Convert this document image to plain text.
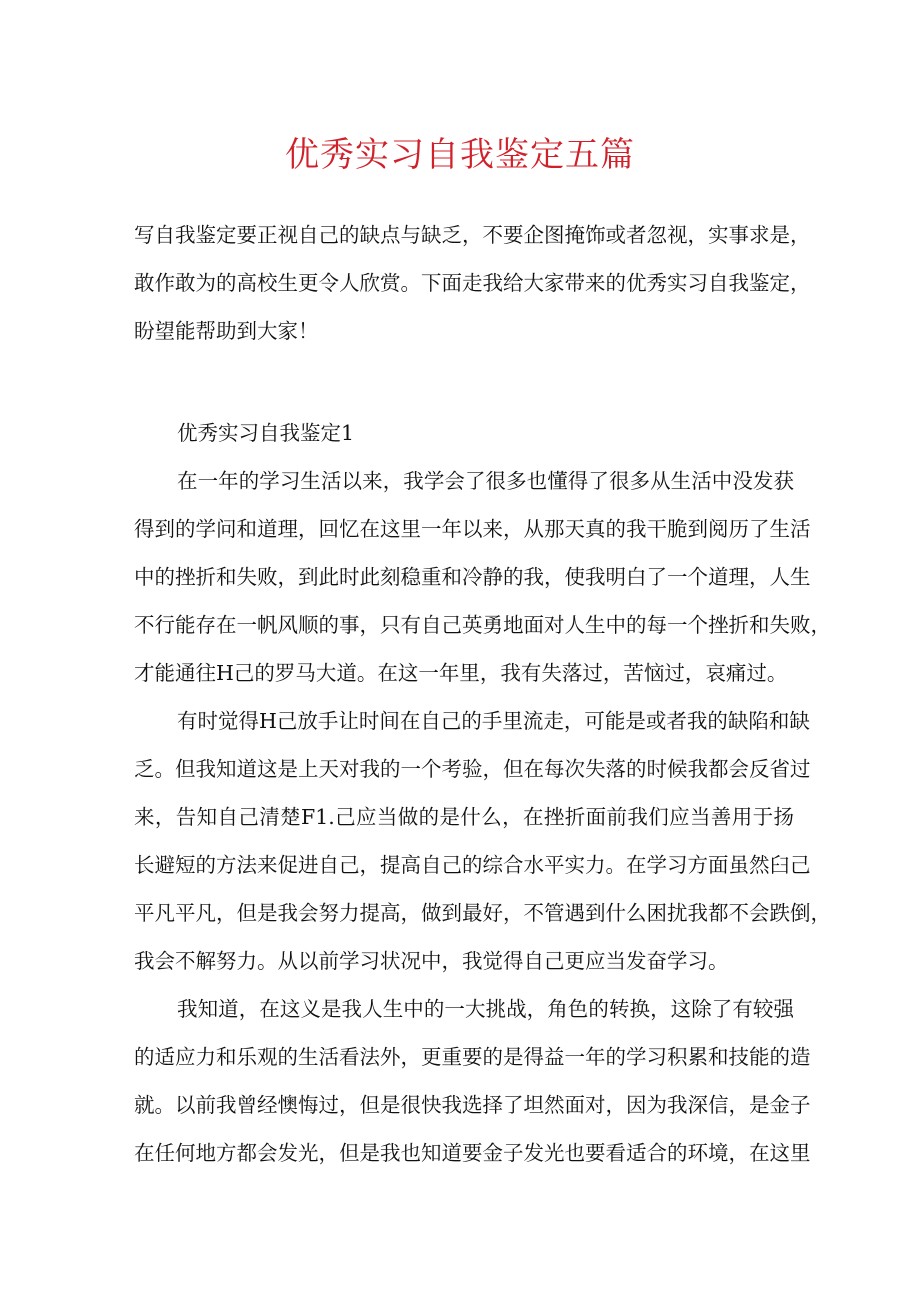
优秀实习自我鉴定五篇

写自我鉴定要正视自己的缺点与缺乏，不要企图掩饰或者忽视，实事求是，

敢作敢为的高校生更令人欣赏。下面走我给大家带来的优秀实习自我鉴定，

盼望能帮助到大家！

优秀实习自我鉴定1

在一年的学习生活以来，我学会了很多也懂得了很多从生活中没发获

得到的学问和道理，回忆在这里一年以来，从那天真的我干脆到阅历了生活

中的挫折和失败，到此时此刻稳重和冷静的我，使我明白了一个道理，人生

不行能存在一帆风顺的事，只有自己英勇地面对人生中的每一个挫折和失败，

才能通往H己的罗马大道。在这一年里，我有失落过，苦恼过，哀痛过。

有时觉得H己放手让时间在自己的手里流走，可能是或者我的缺陷和缺

乏。但我知道这是上天对我的一个考验，但在每次失落的时候我都会反省过

来，告知自己清楚F1.己应当做的是什么，在挫折面前我们应当善用于扬

长避短的方法来促进自己，提高自己的综合水平实力。在学习方面虽然臼己

平凡平凡，但是我会努力提高，做到最好，不管遇到什么困扰我都不会跌倒，

我会不解努力。从以前学习状况中，我觉得自己更应当发奋学习。

我知道，在这义是我人生中的一大挑战，角色的转换，这除了有较强

的适应力和乐观的生活看法外，更重要的是得益一年的学习积累和技能的造

就。以前我曾经懊悔过，但是很快我选择了坦然面对，因为我深信，是金子

在任何地方都会发光，但是我也知道要金子发光也要看适合的环境，在这里
